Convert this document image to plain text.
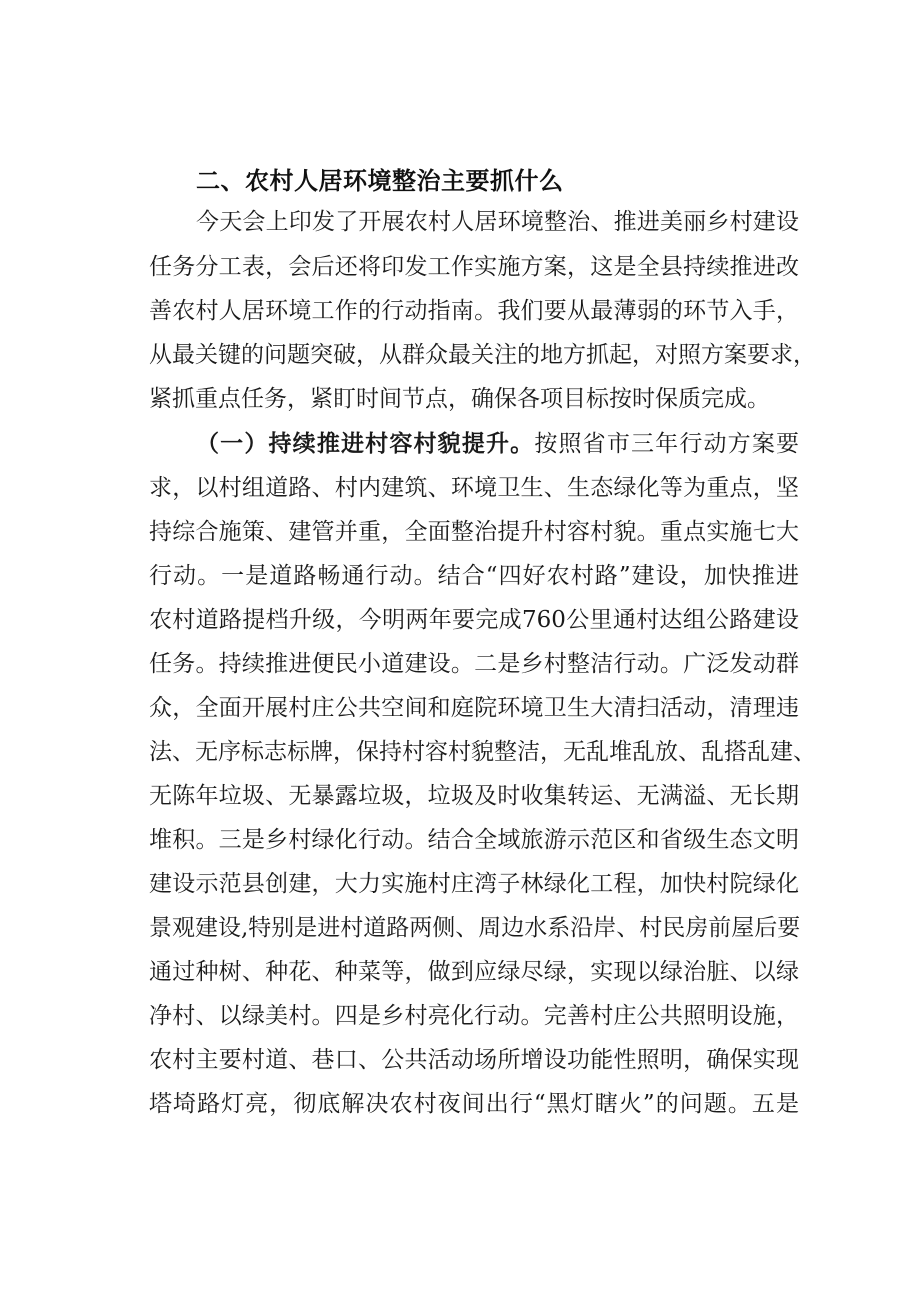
二、农村人居环境整治主要抓什么
今天会上印发了开展农村人居环境整治、推进美丽乡村建设
任务分工表，会后还将印发工作实施方案，这是全县持续推进改
善农村人居环境工作的行动指南。我们要从最薄弱的环节入手，
从最关键的问题突破，从群众最关注的地方抓起，对照方案要求，
紧抓重点任务，紧盯时间节点，确保各项目标按时保质完成。
（一）持续推进村容村貌提升。按照省市三年行动方案要
求，以村组道路、村内建筑、环境卫生、生态绿化等为重点，坚
持综合施策、建管并重，全面整治提升村容村貌。重点实施七大
行动。一是道路畅通行动。结合“四好农村路”建设，加快推进
农村道路提档升级，今明两年要完成760公里通村达组公路建设
任务。持续推进便民小道建设。二是乡村整洁行动。广泛发动群
众，全面开展村庄公共空间和庭院环境卫生大清扫活动，清理违
法、无序标志标牌，保持村容村貌整洁，无乱堆乱放、乱搭乱建、
无陈年垃圾、无暴露垃圾，垃圾及时收集转运、无满溢、无长期
堆积。三是乡村绿化行动。结合全域旅游示范区和省级生态文明
建设示范县创建，大力实施村庄湾子林绿化工程，加快村院绿化
景观建设,特别是进村道路两侧、周边水系沿岸、村民房前屋后要
通过种树、种花、种菜等，做到应绿尽绿，实现以绿治脏、以绿
净村、以绿美村。四是乡村亮化行动。完善村庄公共照明设施，
农村主要村道、巷口、公共活动场所增设功能性照明，确保实现
塔埼路灯亮，彻底解决农村夜间出行“黑灯瞎火”的问题。五是
